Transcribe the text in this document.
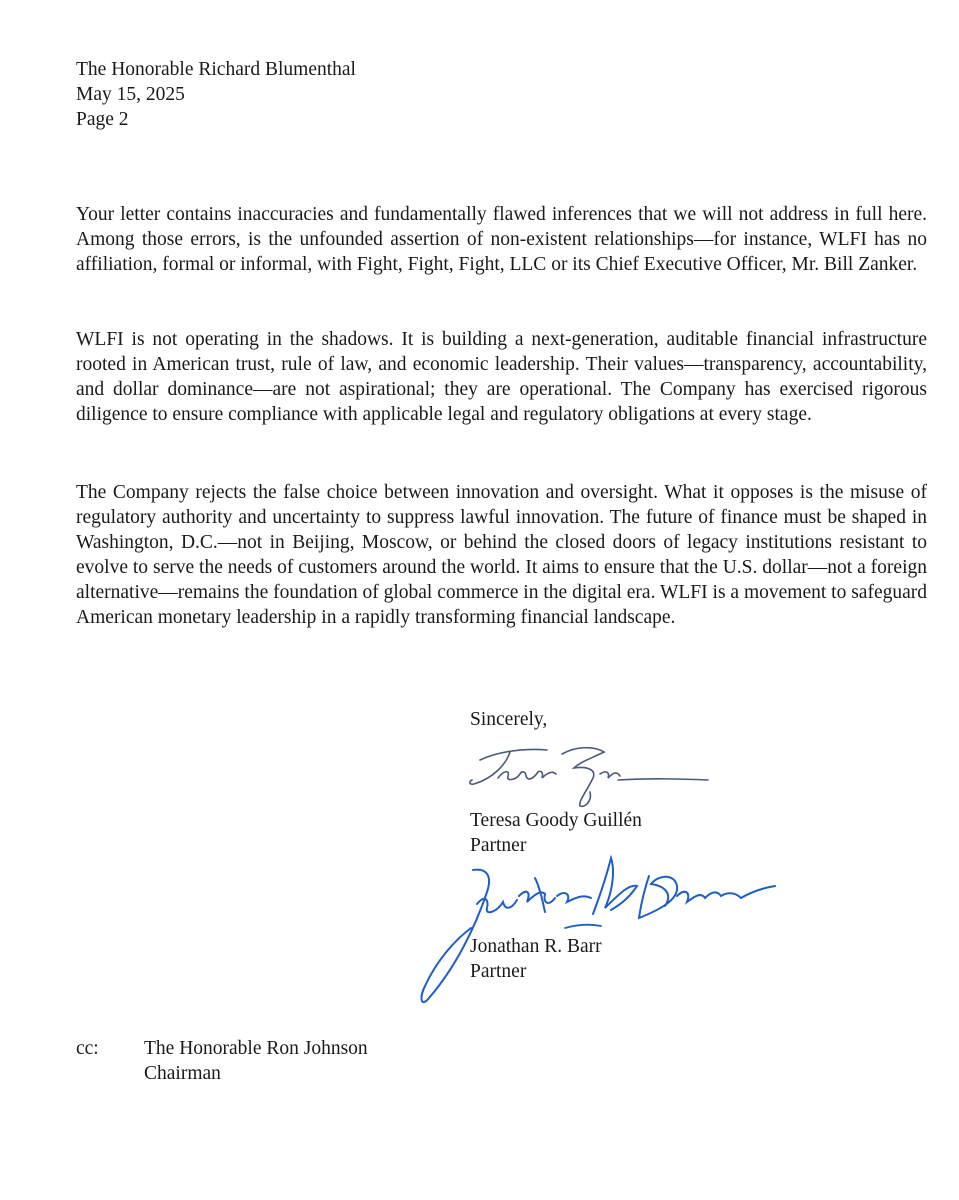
The Honorable Richard Blumenthal
May 15, 2025
Page 2
Your letter contains inaccuracies and fundamentally flawed inferences that we will not address in full here. Among those errors, is the unfounded assertion of non-existent relationships—for instance, WLFI has no affiliation, formal or informal, with Fight, Fight, Fight, LLC or its Chief Executive Officer, Mr. Bill Zanker.
WLFI is not operating in the shadows. It is building a next-generation, auditable financial infrastructure rooted in American trust, rule of law, and economic leadership. Their values—transparency, accountability, and dollar dominance—are not aspirational; they are operational. The Company has exercised rigorous diligence to ensure compliance with applicable legal and regulatory obligations at every stage.
The Company rejects the false choice between innovation and oversight. What it opposes is the misuse of regulatory authority and uncertainty to suppress lawful innovation. The future of finance must be shaped in Washington, D.C.—not in Beijing, Moscow, or behind the closed doors of legacy institutions resistant to evolve to serve the needs of customers around the world. It aims to ensure that the U.S. dollar—not a foreign alternative—remains the foundation of global commerce in the digital era. WLFI is a movement to safeguard American monetary leadership in a rapidly transforming financial landscape.
Sincerely,
Teresa Goody Guillén
Partner
Jonathan R. Barr
Partner
cc: The Honorable Ron Johnson
Chairman
